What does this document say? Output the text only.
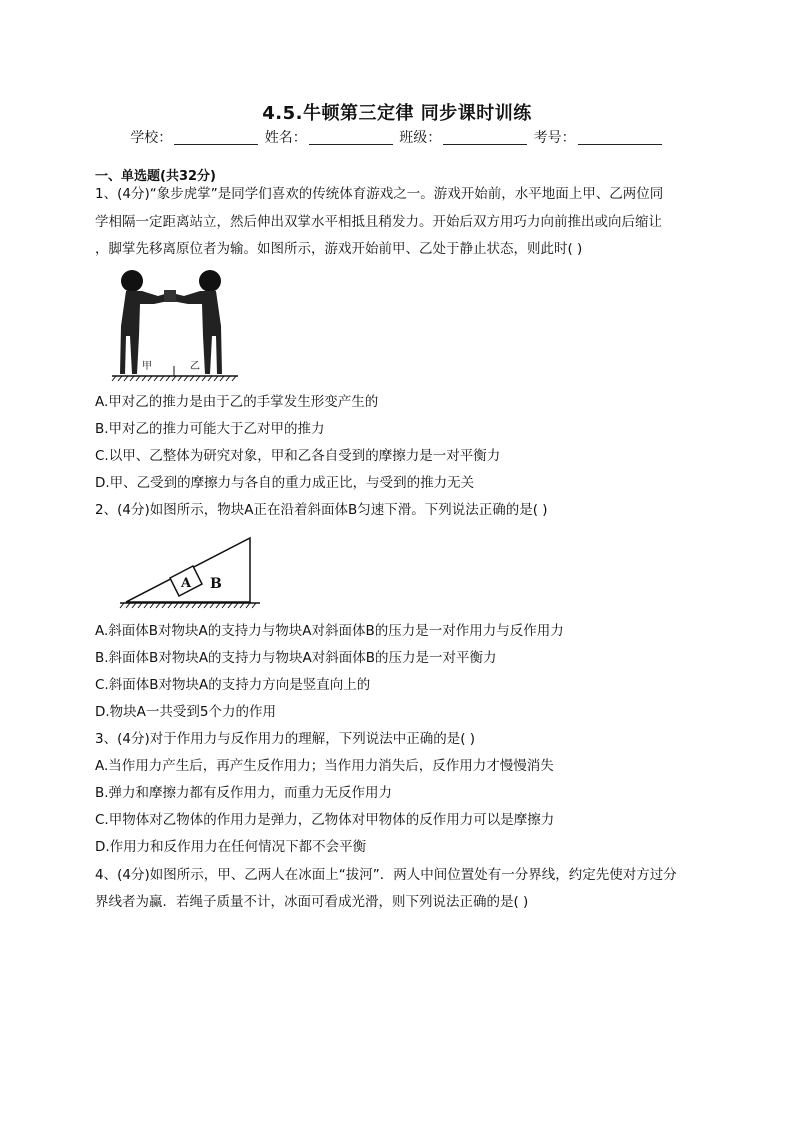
4.5.牛顿第三定律 同步课时训练
学校：	姓名：	班级：	考号：
一、单选题(共32分)
1、(4分)“象步虎掌”是同学们喜欢的传统体育游戏之一。游戏开始前，水平地面上甲、乙两位同
学相隔一定距离站立，然后伸出双掌水平相抵且稍发力。开始后双方用巧力向前推出或向后缩让
，脚掌先移离原位者为输。如图所示，游戏开始前甲、乙处于静止状态，则此时( )
甲	乙
A.甲对乙的推力是由于乙的手掌发生形变产生的
B.甲对乙的推力可能大于乙对甲的推力
C.以甲、乙整体为研究对象，甲和乙各自受到的摩擦力是一对平衡力
D.甲、乙受到的摩擦力与各自的重力成正比，与受到的推力无关
2、(4分)如图所示，物块A正在沿着斜面体B匀速下滑。下列说法正确的是( )
A B
A.斜面体B对物块A的支持力与物块A对斜面体B的压力是一对作用力与反作用力
B.斜面体B对物块A的支持力与物块A对斜面体B的压力是一对平衡力
C.斜面体B对物块A的支持力方向是竖直向上的
D.物块A一共受到5个力的作用
3、(4分)对于作用力与反作用力的理解，下列说法中正确的是( )
A.当作用力产生后，再产生反作用力；当作用力消失后，反作用力才慢慢消失
B.弹力和摩擦力都有反作用力，而重力无反作用力
C.甲物体对乙物体的作用力是弹力，乙物体对甲物体的反作用力可以是摩擦力
D.作用力和反作用力在任何情况下都不会平衡
4、(4分)如图所示，甲、乙两人在冰面上“拔河”．两人中间位置处有一分界线，约定先使对方过分
界线者为赢．若绳子质量不计，冰面可看成光滑，则下列说法正确的是( )
